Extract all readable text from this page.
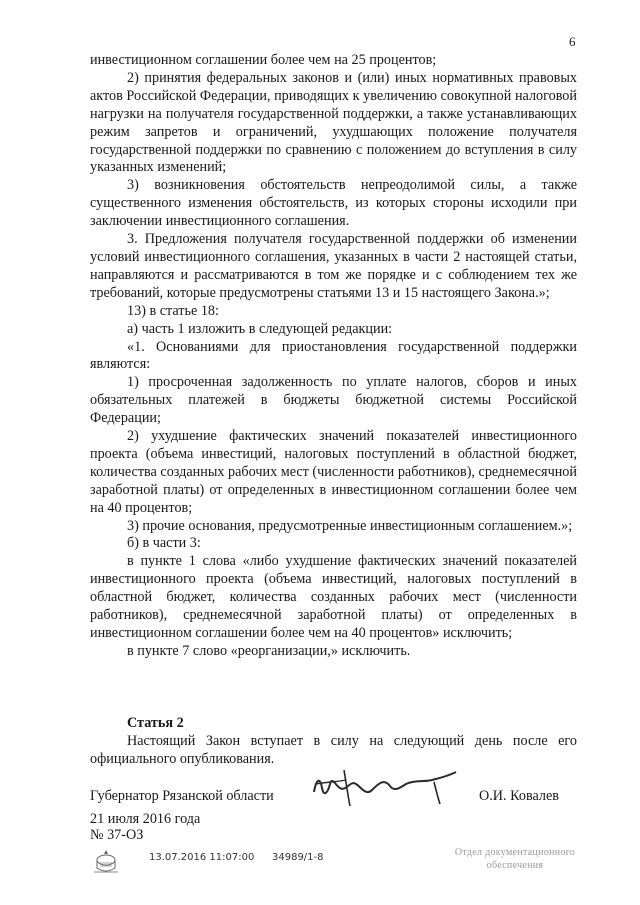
6

инвестиционном соглашении более чем на 25 процентов;

2) принятия федеральных законов и (или) иных нормативных правовых актов Российской Федерации, приводящих к увеличению совокупной налоговой нагрузки на получателя государственной поддержки, а также устанавливающих режим запретов и ограничений, ухудшающих положение получателя государственной поддержки по сравнению с положением до вступления в силу указанных изменений;

3) возникновения обстоятельств непреодолимой силы, а также существенного изменения обстоятельств, из которых стороны исходили при заключении инвестиционного соглашения.

3. Предложения получателя государственной поддержки об изменении условий инвестиционного соглашения, указанных в части 2 настоящей статьи, направляются и рассматриваются в том же порядке и с соблюдением тех же требований, которые предусмотрены статьями 13 и 15 настоящего Закона.»;

13) в статье 18:

а) часть 1 изложить в следующей редакции:

«1. Основаниями для приостановления государственной поддержки являются:

1) просроченная задолженность по уплате налогов, сборов и иных обязательных платежей в бюджеты бюджетной системы Российской Федерации;

2) ухудшение фактических значений показателей инвестиционного проекта (объема инвестиций, налоговых поступлений в областной бюджет, количества созданных рабочих мест (численности работников), среднемесячной заработной платы) от определенных в инвестиционном соглашении более чем на 40 процентов;

3) прочие основания, предусмотренные инвестиционным соглашением.»;

б) в части 3:

в пункте 1 слова «либо ухудшение фактических значений показателей инвестиционного проекта (объема инвестиций, налоговых поступлений в областной бюджет, количества созданных рабочих мест (численности работников), среднемесячной заработной платы) от определенных в инвестиционном соглашении более чем на 40 процентов» исключить;

в пункте 7 слово «реорганизации,» исключить.

Статья 2

Настоящий Закон вступает в силу на следующий день после его официального опубликования.

Губернатор Рязанской области	О.И. Ковалев
21 июля 2016 года
№ 37-ОЗ
13.07.2016 11:07:00 34989/1-8	Отдел документационного
обеспечения
